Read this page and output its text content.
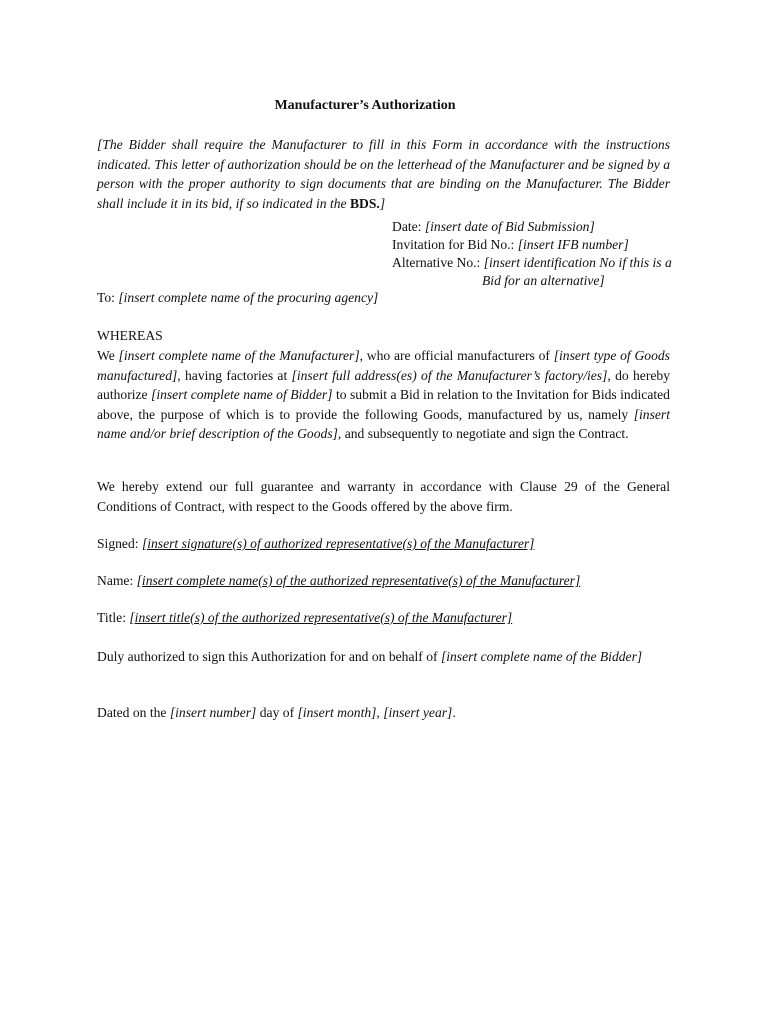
Manufacturer’s Authorization
[The Bidder shall require the Manufacturer to fill in this Form in accordance with the instructions indicated. This letter of authorization should be on the letterhead of the Manufacturer and be signed by a person with the proper authority to sign documents that are binding on the Manufacturer. The Bidder shall include it in its bid, if so indicated in the BDS.]
Date: [insert date of Bid Submission]
Invitation for Bid No.: [insert IFB number]
Alternative No.: [insert identification No if this is a
Bid for an alternative]
To: [insert complete name of the procuring agency]
WHEREAS
We [insert complete name of the Manufacturer], who are official manufacturers of [insert type of Goods manufactured], having factories at [insert full address(es) of the Manufacturer’s factory/ies], do hereby authorize [insert complete name of Bidder] to submit a Bid in relation to the Invitation for Bids indicated above, the purpose of which is to provide the following Goods, manufactured by us, namely [insert name and/or brief description of the Goods], and subsequently to negotiate and sign the Contract.
We hereby extend our full guarantee and warranty in accordance with Clause 29 of the General Conditions of Contract, with respect to the Goods offered by the above firm.
Signed: [insert signature(s) of authorized representative(s) of the Manufacturer]
Name: [insert complete name(s) of the authorized representative(s) of the Manufacturer]
Title: [insert title(s) of the authorized representative(s) of the Manufacturer]
Duly authorized to sign this Authorization for and on behalf of [insert complete name of the Bidder]
Dated on the [insert number] day of [insert month], [insert year].
